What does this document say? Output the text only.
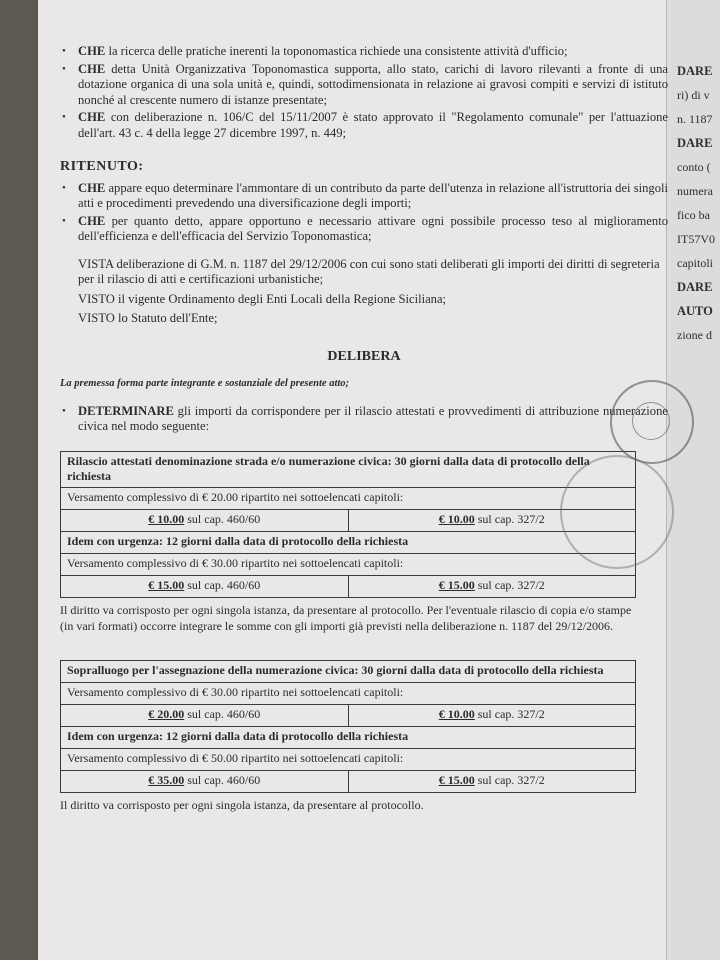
DARE
ri) di v
n. 1187
DARE
conto (
numera
fico ba
IT57V0
capitoli
DARE
AUTO
zione d
• CHE la ricerca delle pratiche inerenti la toponomastica richiede una consistente attività d'ufficio;
• CHE detta Unità Organizzativa Toponomastica supporta, allo stato, carichi di lavoro rilevanti a fronte di una dotazione organica di una sola unità e, quindi, sottodimensionata in relazione ai gravosi compiti e servizi di istituto nonché al crescente numero di istanze presentate;
• CHE con deliberazione n. 106/C del 15/11/2007 è stato approvato il "Regolamento comunale" per l'attuazione dell'art. 43 c. 4 della legge 27 dicembre 1997, n. 449;
RITENUTO:
• CHE appare equo determinare l'ammontare di un contributo da parte dell'utenza in relazione all'istruttoria dei singoli atti e procedimenti prevedendo una diversificazione degli importi;
• CHE per quanto detto, appare opportuno e necessario attivare ogni possibile processo teso al miglioramento dell'efficienza e dell'efficacia del Servizio Toponomastica;
VISTA deliberazione di G.M. n. 1187 del 29/12/2006 con cui sono stati deliberati gli importi dei diritti di segreteria per il rilascio di atti e certificazioni urbanistiche;
VISTO il vigente Ordinamento degli Enti Locali della Regione Siciliana;
VISTO lo Statuto dell'Ente;
DELIBERA
La premessa forma parte integrante e sostanziale del presente atto;
• DETERMINARE gli importi da corrispondere per il rilascio attestati e provvedimenti di attribuzione numerazione civica nel modo seguente:
Rilascio attestati denominazione strada e/o numerazione civica: 30 giorni dalla data di protocollo della richiesta	
Versamento complessivo di € 20.00 ripartito nei sottoelencati capitoli:	
€ 10.00 sul cap. 460/60	€ 10.00 sul cap. 327/2
Idem con urgenza: 12 giorni dalla data di protocollo della richiesta	
Versamento complessivo di € 30.00 ripartito nei sottoelencati capitoli:	
€ 15.00 sul cap. 460/60	€ 15.00 sul cap. 327/2
Il diritto va corrisposto per ogni singola istanza, da presentare al protocollo. Per l'eventuale rilascio di copia e/o stampe (in vari formati) occorre integrare le somme con gli importi già previsti nella deliberazione n. 1187 del 29/12/2006.
Sopralluogo per l'assegnazione della numerazione civica: 30 giorni dalla data di protocollo della richiesta	
Versamento complessivo di € 30.00 ripartito nei sottoelencati capitoli:	
€ 20.00 sul cap. 460/60	€ 10.00 sul cap. 327/2
Idem con urgenza: 12 giorni dalla data di protocollo della richiesta	
Versamento complessivo di € 50.00 ripartito nei sottoelencati capitoli:	
€ 35.00 sul cap. 460/60	€ 15.00 sul cap. 327/2
Il diritto va corrisposto per ogni singola istanza, da presentare al protocollo.
